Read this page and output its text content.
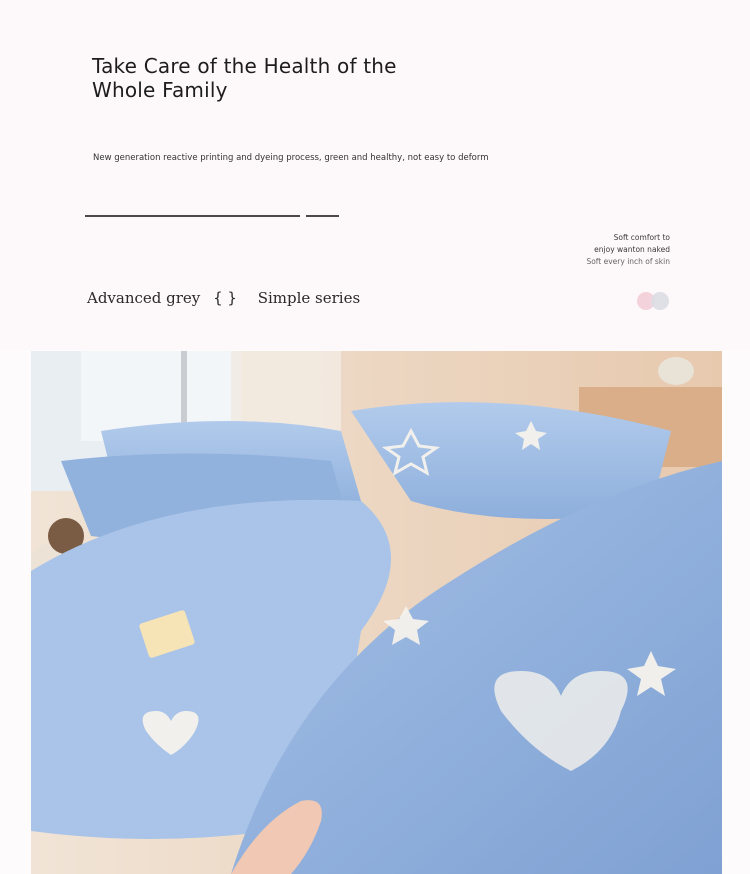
Take Care of the Health of the Whole Family
New generation reactive printing and dyeing process, green and healthy, not easy to deform
Soft comfort to
enjoy wanton naked
Soft every inch of skin
Advanced grey { } Simple series
